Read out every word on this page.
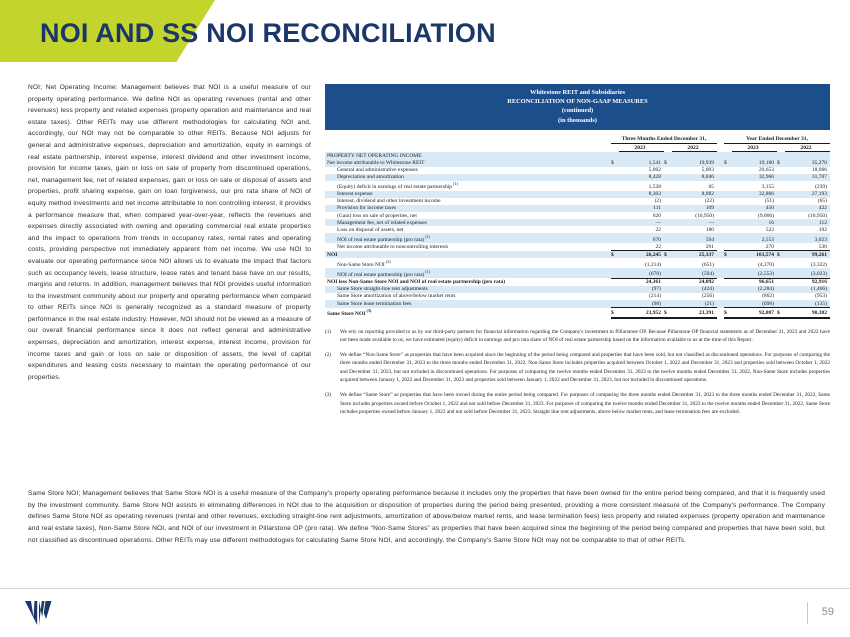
NOI AND SS NOI RECONCILIATION

NOI; Net Operating Income: Management believes that NOI is a useful measure of our property operating performance. We define NOI as operating revenues (rental and other revenues) less property and related expenses (property operation and maintenance and real estate taxes). Other REITs may use different methodologies for calculating NOI and, accordingly, our NOI may not be comparable to other REITs. Because NOI adjusts for general and administrative expenses, depreciation and amortization, equity in earnings of real estate partnership, interest expense, interest dividend and other investment income, provision for income taxes, gain or loss on sale of property from discontinued operations, net, management fee, net of related expenses, gain or loss on sale or disposal of assets and properties, profit sharing expense, gain on loan forgiveness, our pro rata share of NOI of equity method investments and net income attributable to non controlling interest, it provides a performance measure that, when compared year-over-year, reflects the revenues and expenses directly associated with owning and operating commercial real estate properties and the impact to operations from trends in occupancy rates, rental rates and operating costs, providing perspective not immediately apparent from net income. We use NOI to evaluate our operating performance since NOI allows us to evaluate the impact that factors such as occupancy levels, lease structure, lease rates and tenant base have on our results, margins and returns. In addition, management believes that NOI provides useful information to the investment community about our property and operating performance when compared to other REITs since NOI is generally recognized as a standard measure of property performance in the real estate industry. However, NOI should not be viewed as a measure of our overall financial performance since it does not reflect general and administrative expenses, depreciation and amortization, interest expense, interest income, provision for income taxes and gain or loss on sale or disposition of assets, the level of capital expenditures and leasing costs necessary to maintain the operating performance of our properties.

Whitestone REIT and Subsidiaries
RECONCILIATION OF NON-GAAP MEASURES
(continued)
(in thousands)
		Three Months Ended December 31,					Year Ended December 31,			
			2023		2022			2023		2022
PROPERTY NET OPERATING INCOME										
Net income attributable to Whitestone REIT		$	1,541	$	19,939		$	19,180	$	35,270
General and administrative expenses			5,002		5,003			20,653		18,066
Depreciation and amortization			8,428		8,046			32,966		31,707
(Equity) deficit in earnings of real estate partnership $^{(1)}$			1,528		65			3,155		(239)
Interest expense			8,303		8,082			32,866		27,193
Interest, dividend and other investment income			(2)		(22)			(51)		(65)
Provision for income taxes			111		109			450		422
(Gain) loss on sale of properties, net			620		(16,950)			(9,006)		(16,950)
Management fee, net of related expenses			—		—			16		112
Loss on disposal of assets, net			22		180			522		192
NOI of real estate partnership (pro rata) $^{(1)}$			670		594			2,553		3,023
Net income attributable to noncontrolling interests			22		291			270		530
NOI		$	26,245	$	25,337		$	103,574	$	99,261
Non-Same Store NOI $^{(2)}$			(1,214)		(651)			(4,370)		(3,322)
NOI of real estate partnership (pro rata) $^{(1)}$			(670)		(594)			(2,553)		(3,023)
NOI less Non-Same Store NOI and NOI of real estate partnership (pro rata)			24,361		24,092			96,651		92,916
Same Store straight-line rent adjustments			(97)		(424)			(2,284)		(1,466)
Same Store amortization of above/below market rents			(214)		(256)			(862)		(953)
Same Store lease termination fees			(98)		(21)			(698)		(135)
Same Store NOI $^{(3)}$		$	23,952	$	23,391		$	92,807	$	90,382
(1)	We rely on reporting provided to us by our third-party partners for financial information regarding the Company's investment in Pillarstone OP. Because Pillarstone OP financial statements as of December 31, 2023 and 2022 have not been made available to us, we have estimated (equity) deficit in earnings and pro rata share of NOI of real estate partnership based on the information available to us at the time of this Report.
(2)	We define “Non-Same Store” as properties that have been acquired since the beginning of the period being compared and properties that have been sold, but not classified as discontinued operations. For purposes of comparing the three months ended December 31, 2023 to the three months ended December 31, 2022, Non-Same Store includes properties acquired between October 1, 2022 and December 31, 2023 and properties sold between October 1, 2022 and December 31, 2023, but not included in discontinued operations. For purposes of comparing the twelve months ended December 31, 2023 to the twelve months ended December 31, 2022, Non-Same Store includes properties acquired between January 1, 2022 and December 31, 2023 and properties sold between January 1, 2022 and December 31, 2023, but not included in discontinued operations.
(3)	We define “Same Store” as properties that have been owned during the entire period being compared. For purposes of comparing the three months ended December 31, 2023 to the three months ended December 31, 2022, Same Store includes properties owned before October 1, 2022 and not sold before December 31, 2023. For purposes of comparing the twelve months ended December 31, 2023 to the twelve months ended December 31, 2022, Same Store includes properties owned before January 1, 2022 and not sold before December 31, 2023. Straight line rent adjustments, above below market rents, and lease termination fees are excluded.
Same Store NOI; Management believes that Same Store NOI is a useful measure of the Company's property operating performance because it includes only the properties that have been owned for the entire period being compared, and that it is frequently used by the investment community. Same Store NOI assists in eliminating differences in NOI due to the acquisition or disposition of properties during the period being presented, providing a more consistent measure of the Company's performance. The Company defines Same Store NOI as operating revenues (rental and other revenues, excluding straight-line rent adjustments, amortization of above/below market rents, and lease termination fees) less property and related expenses (property operation and maintenance and real estate taxes), Non-Same Store NOI, and NOI of our investment in Pillarstone OP (pro rata). We define “Non-Same Stores” as properties that have been acquired since the beginning of the period being compared and properties that have been sold, but not classified as discontinued operations. Other REITs may use different methodologies for calculating Same Store NOI, and accordingly, the Company's Same Store NOI may not be comparable to that of other REITs.
59
